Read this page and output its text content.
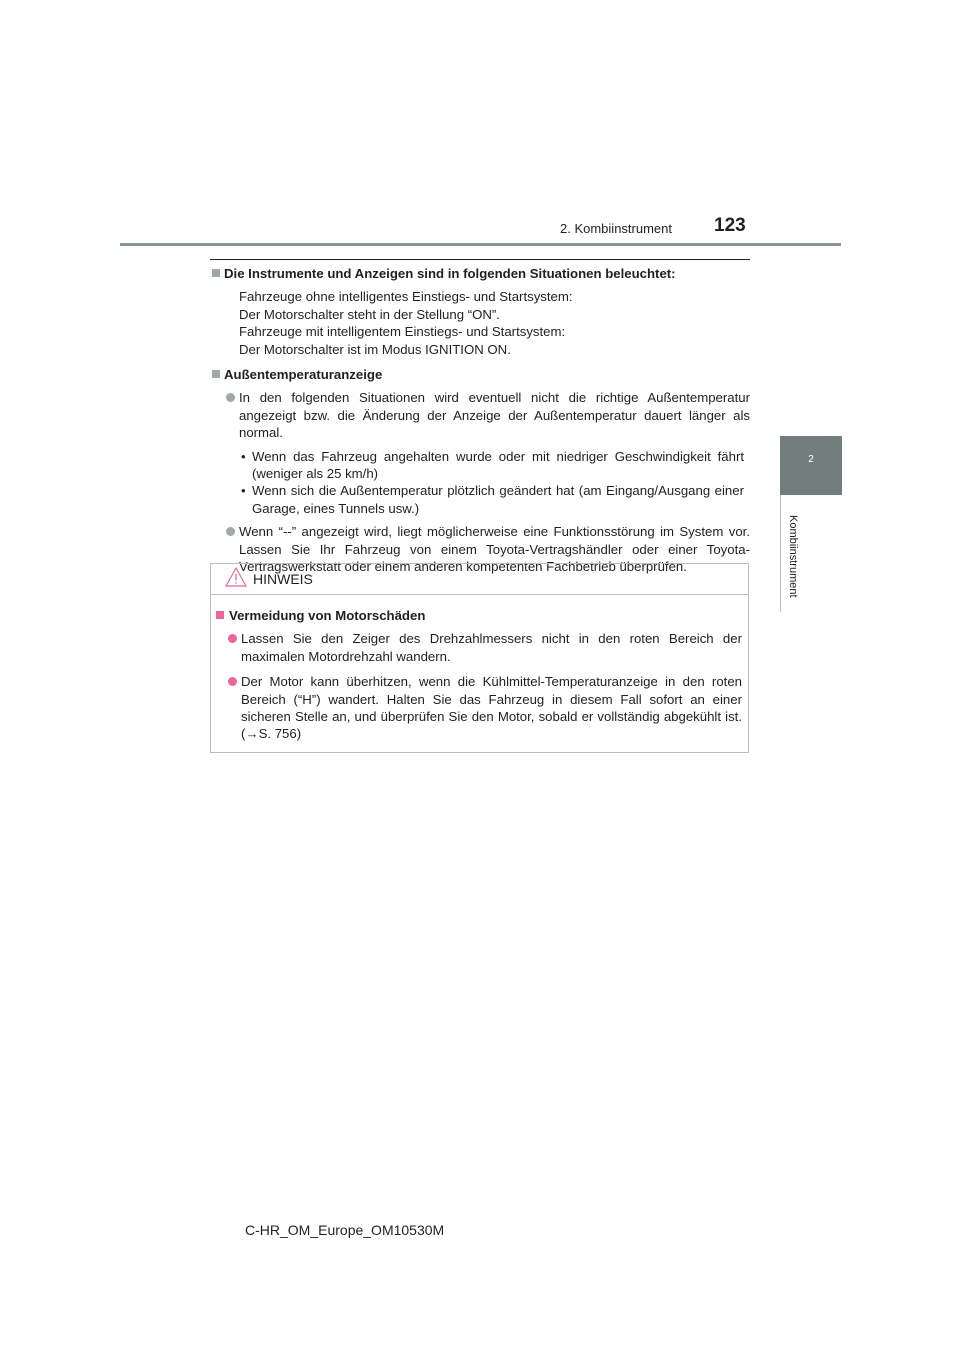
2. Kombiinstrument 123
2
Kombiinstrument
Die Instrumente und Anzeigen sind in folgenden Situationen beleuchtet:
Fahrzeuge ohne intelligentes Einstiegs- und Startsystem:
Der Motorschalter steht in der Stellung “ON”.
Fahrzeuge mit intelligentem Einstiegs- und Startsystem:
Der Motorschalter ist im Modus IGNITION ON.
Außentemperaturanzeige
In den folgenden Situationen wird eventuell nicht die richtige Außentemperatur angezeigt bzw. die Änderung der Anzeige der Außentemperatur dauert länger als normal.
• Wenn das Fahrzeug angehalten wurde oder mit niedriger Geschwindigkeit fährt (weniger als 25 km/h)
• Wenn sich die Außentemperatur plötzlich geändert hat (am Eingang/Ausgang einer Garage, eines Tunnels usw.)
Wenn “--” angezeigt wird, liegt möglicherweise eine Funktionsstörung im System vor. Lassen Sie Ihr Fahrzeug von einem Toyota-Vertragshändler oder einer Toyota-Vertragswerkstatt oder einem anderen kompetenten Fachbetrieb überprüfen.
HINWEIS
Vermeidung von Motorschäden
Lassen Sie den Zeiger des Drehzahlmessers nicht in den roten Bereich der maximalen Motordrehzahl wandern.
Der Motor kann überhitzen, wenn die Kühlmittel-Temperaturanzeige in den roten Bereich (“H”) wandert. Halten Sie das Fahrzeug in diesem Fall sofort an einer sicheren Stelle an, und überprüfen Sie den Motor, sobald er vollständig abgekühlt ist. (→S. 756)
C-HR_OM_Europe_OM10530M
